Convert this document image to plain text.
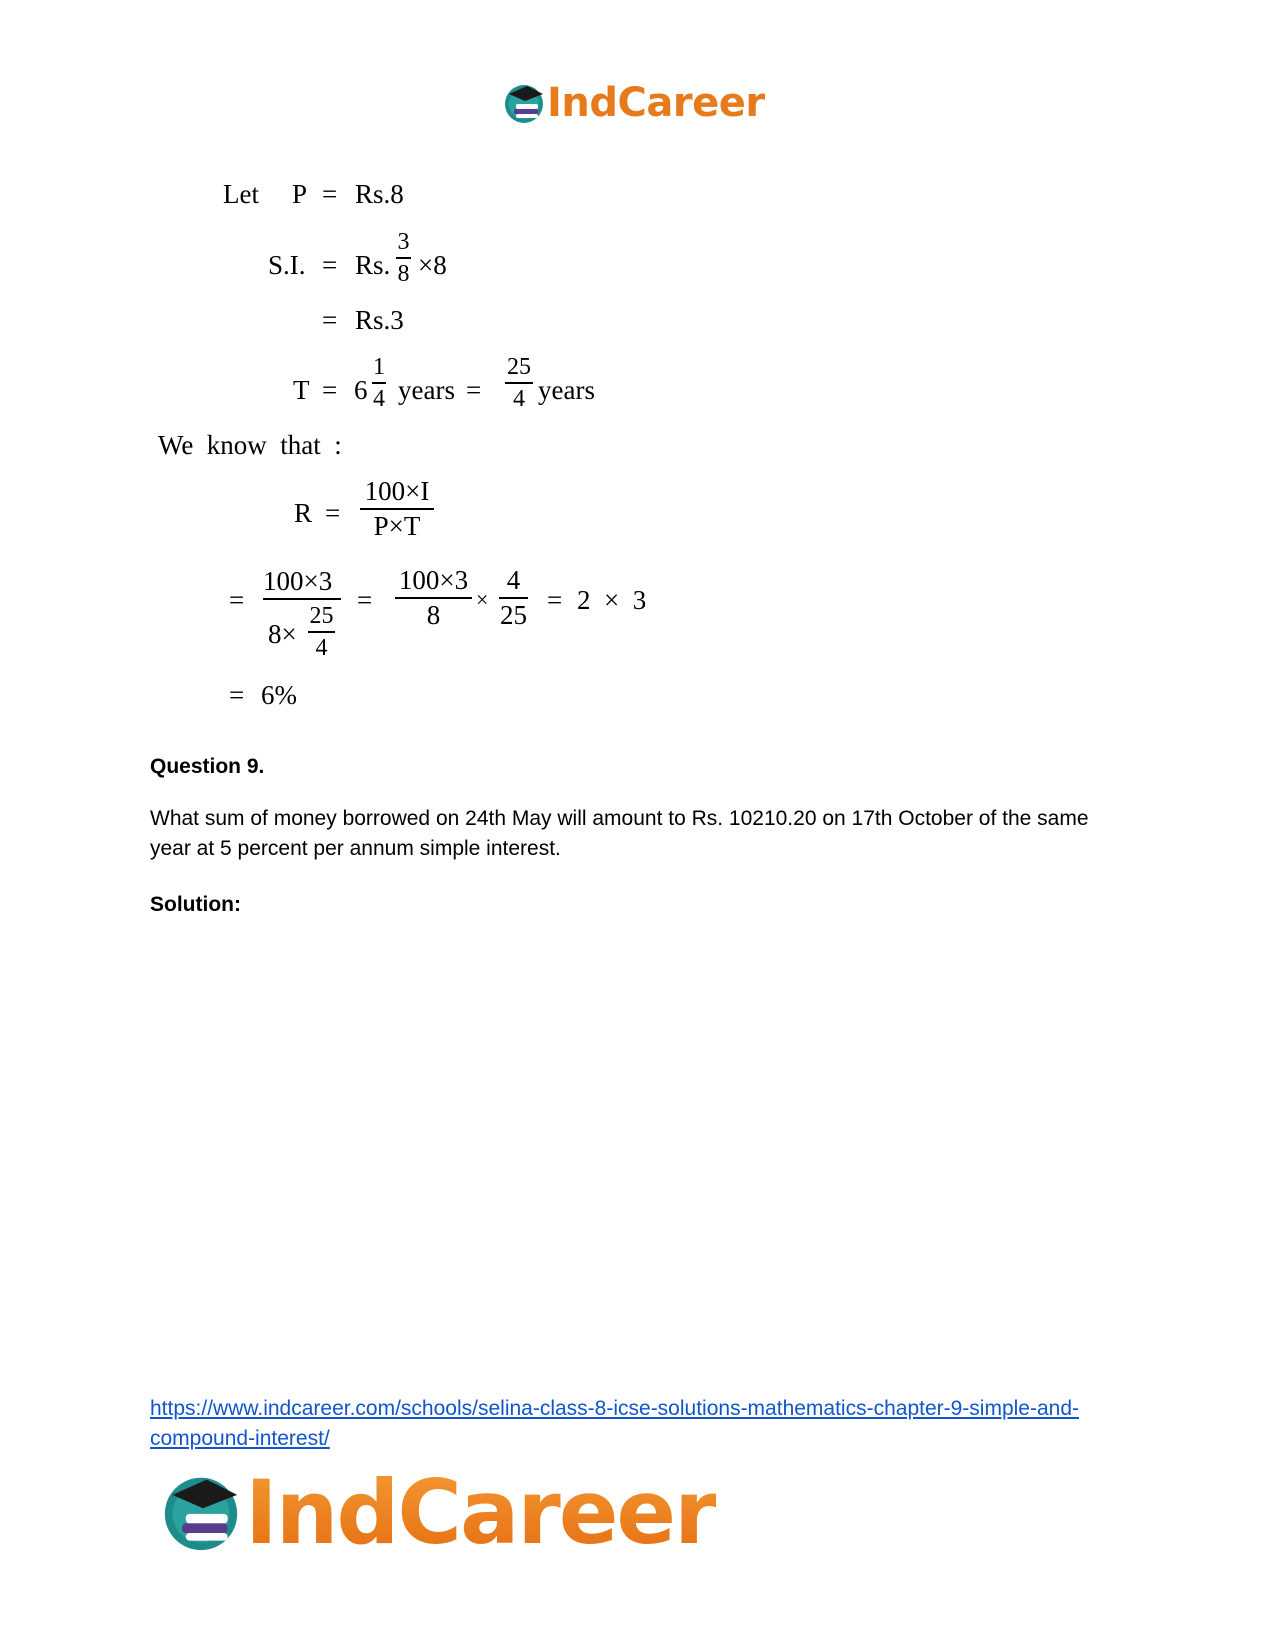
IndCareer
Let P = Rs.8
S.I. = Rs.
3
8 ×8
= Rs.3
T = 6
1
4 years =
25
4 years
We  know  that  :
R =
100×I
P×T
=
100×3
8×
25
4
=
100×3
8	×
4
25 = 2  ×  3
= 6%
Question 9.
What sum of money borrowed on 24th May will amount to Rs. 10210.20 on 17th October of the same year at 5 percent per annum simple interest.
Solution:
https://www.indcareer.com/schools/selina-class-8-icse-solutions-mathematics-chapter-9-simple-and-compound-interest/
IndCareer
